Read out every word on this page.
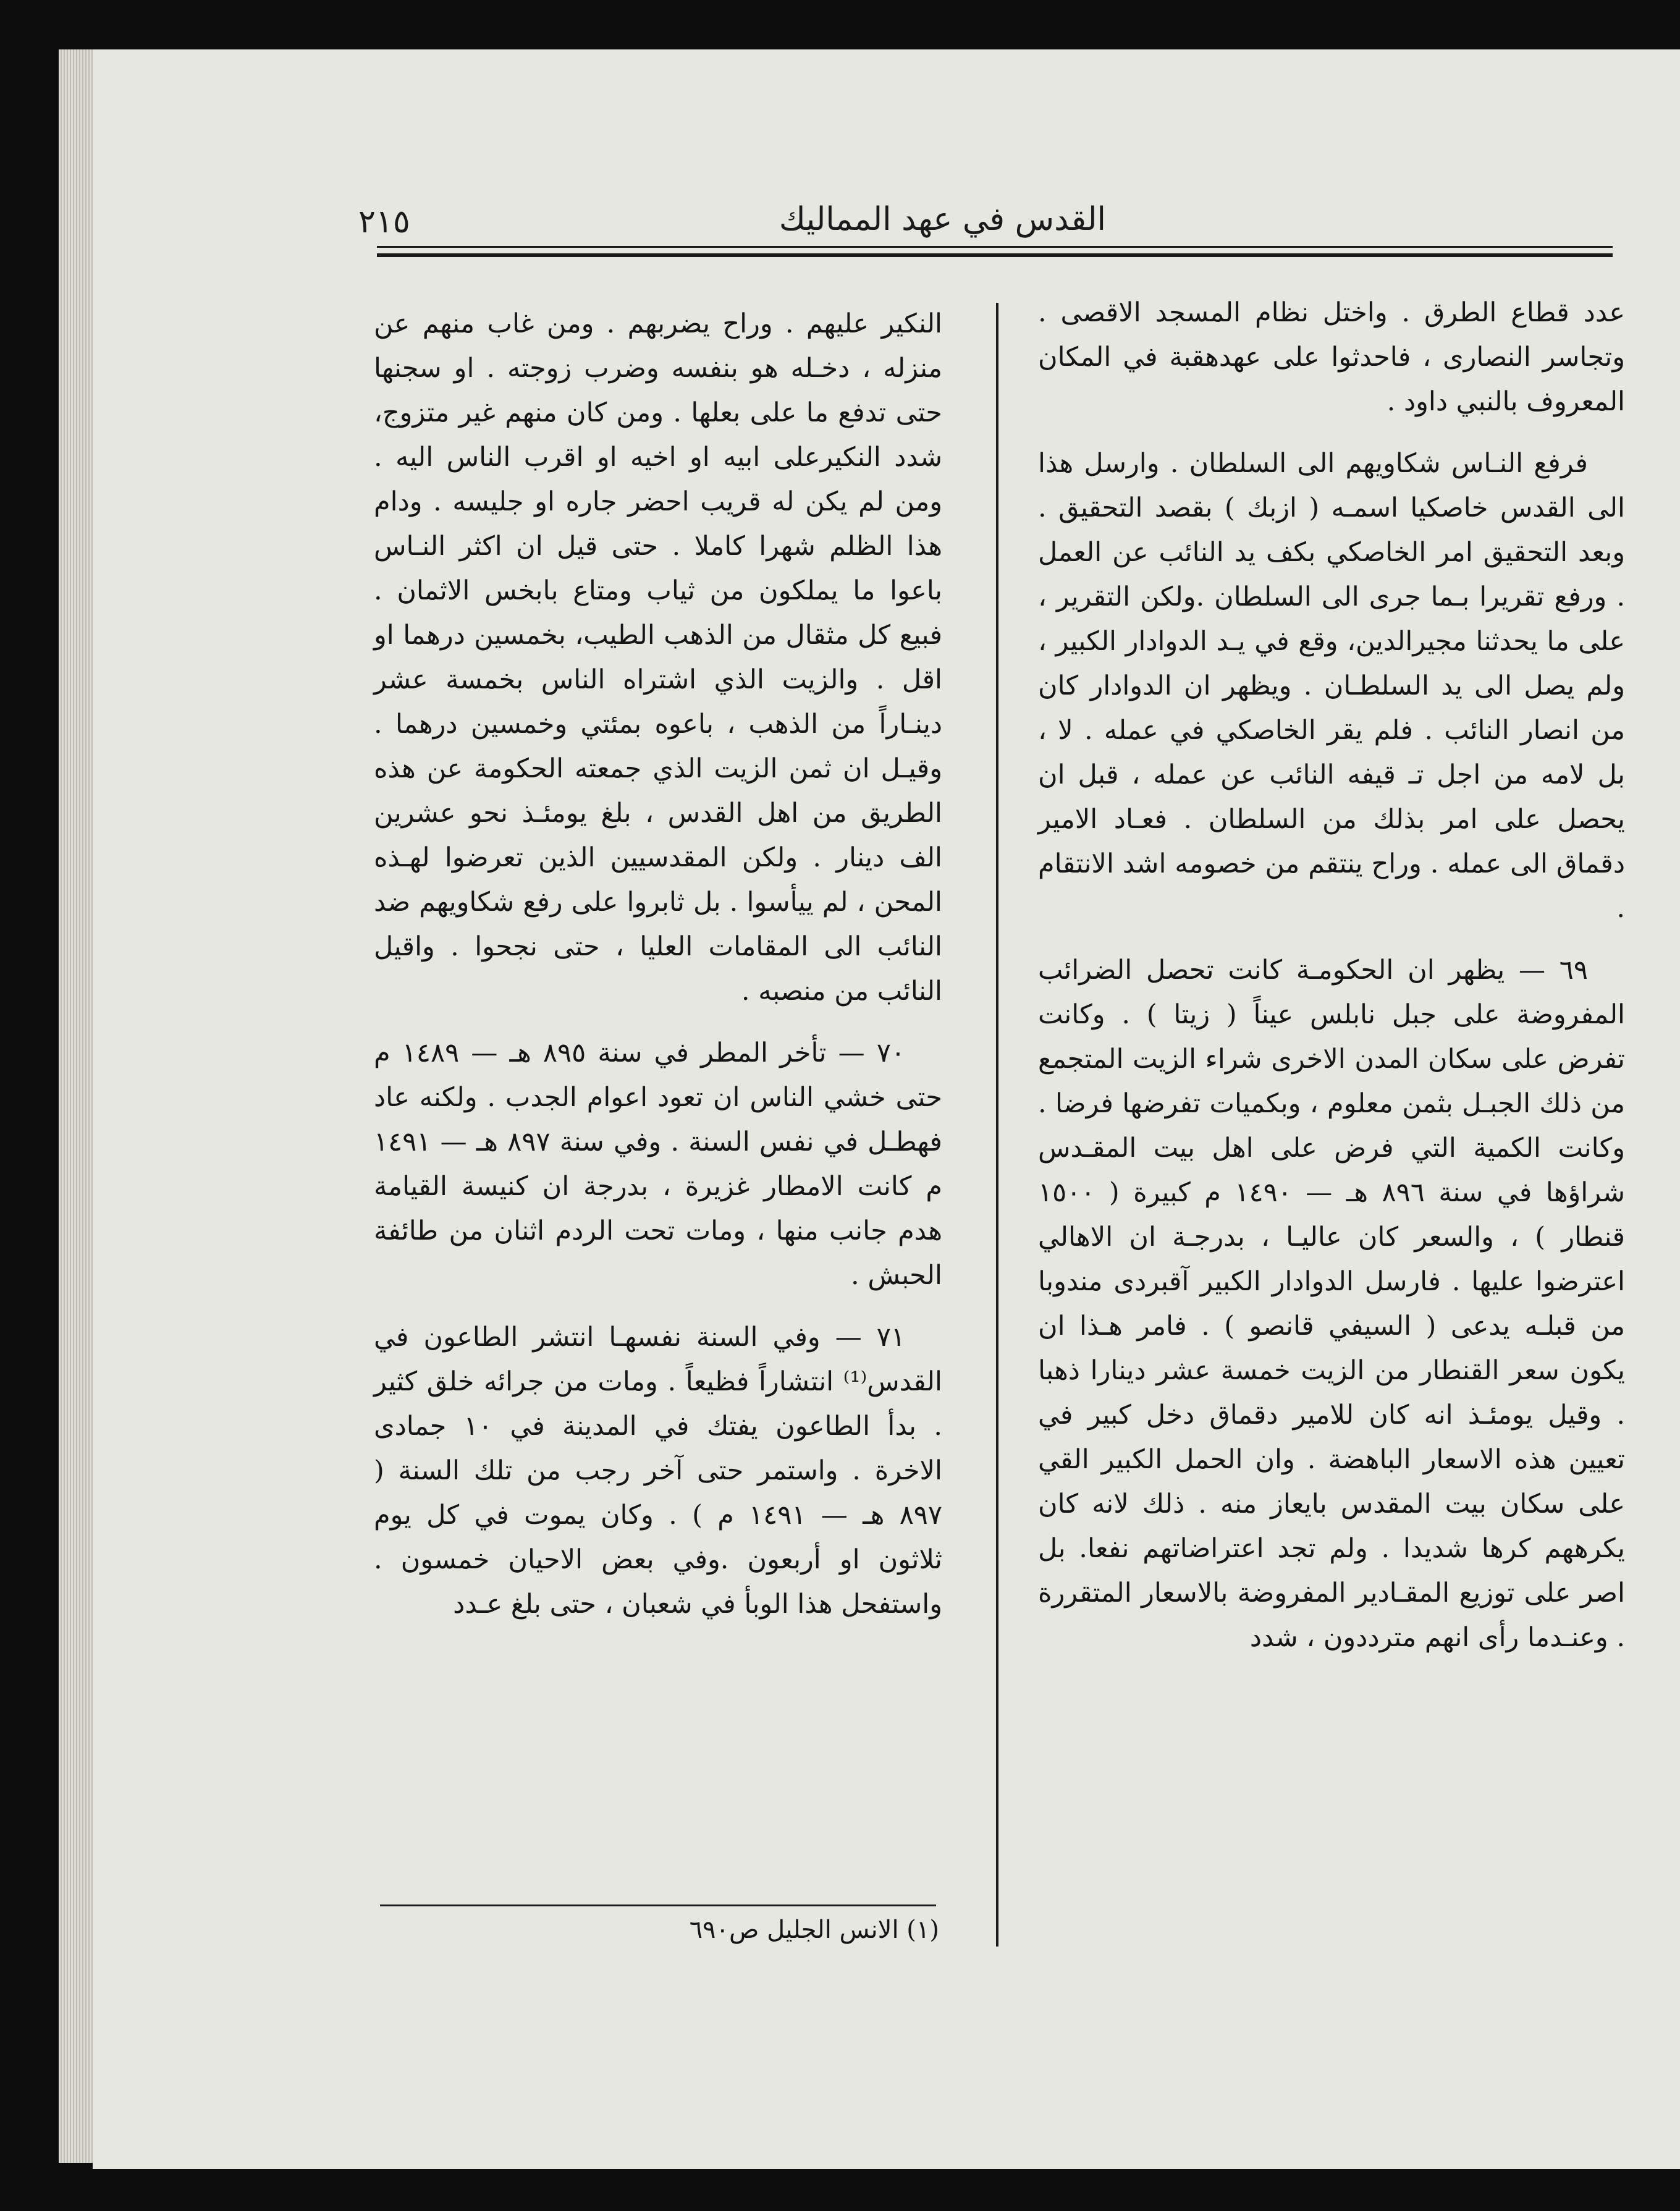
القدس في عهد المماليك
٢١٥

عدد قطاع الطرق . واختل نظام المسجد الاقصى . وتجاسر النصارى ، فاحدثوا على عهدهقبة في المكان المعروف بالنبي داود .

فرفع النـاس شكاويهم الى السلطان . وارسل هذا الى القدس خاصكيا اسمـه ( ازبك ) بقصد التحقيق . وبعد التحقيق امر الخاصكي بكف يد النائب عن العمل . ورفع تقريرا بـما جرى الى السلطان .ولكن التقرير ، على ما يحدثنا مجيرالدين، وقع في يـد الدوادار الكبير ، ولم يصل الى يد السلطـان . ويظهر ان الدوادار كان من انصار النائب . فلم يقر الخاصكي في عمله . لا ، بل لامه من اجل تـ قيفه النائب عن عمله ، قبل ان يحصل على امر بذلك من السلطان . فعـاد الامير دقماق الى عمله . وراح ينتقم من خصومه اشد الانتقام .

٦٩ — يظهر ان الحكومـة كانت تحصل الضرائب المفروضة على جبل نابلس عيناً ( زيتا ) . وكانت تفرض على سكان المدن الاخرى شراء الزيت المتجمع من ذلك الجبـل بثمن معلوم ، وبكميات تفرضها فرضا . وكانت الكمية التي فرض على اهل بيت المقـدس شراؤها في سنة ٨٩٦ هـ — ١٤٩٠ م كبيرة ( ١٥٠٠ قنطار ) ، والسعر كان عاليـا ، بدرجـة ان الاهالي اعترضوا عليها . فارسل الدوادار الكبير آقبردى مندوبا من قبلـه يدعى ( السيفي قانصو ) . فامر هـذا ان يكون سعر القنطار من الزيت خمسة عشر دينارا ذهبا . وقيل يومئـذ انه كان للامير دقماق دخل كبير في تعيين هذه الاسعار الباهضة . وان الحمل الكبير القي على سكان بيت المقدس بايعاز منه . ذلك لانه كان يكرههم كرها شديدا . ولم تجد اعتراضاتهم نفعا. بل اصر على توزيع المقـادير المفروضة بالاسعار المتقررة . وعنـدما رأى انهم مترددون ، شدد

النكير عليهم . وراح يضربهم . ومن غاب منهم عن منزله ، دخـله هو بنفسه وضرب زوجته . او سجنها حتى تدفع ما على بعلها . ومن كان منهم غير متزوج، شدد النكيرعلى ابيه او اخيه او اقرب الناس اليه . ومن لم يكن له قريب احضر جاره او جليسه . ودام هذا الظلم شهرا كاملا . حتى قيل ان اكثر النـاس باعوا ما يملكون من ثياب ومتاع بابخس الاثمان . فبيع كل مثقال من الذهب الطيب، بخمسين درهما او اقل . والزيت الذي اشتراه الناس بخمسة عشر دينـاراً من الذهب ، باعوه بمئتي وخمسين درهما . وقيـل ان ثمن الزيت الذي جمعته الحكومة عن هذه الطريق من اهل القدس ، بلغ يومئـذ نحو عشرين الف دينار . ولكن المقدسيين الذين تعرضوا لهـذه المحن ، لم ييأسوا . بل ثابروا على رفع شكاويهم ضد النائب الى المقامات العليا ، حتى نجحوا . واقيل النائب من منصبه .

٧٠ — تأخر المطر في سنة ٨٩٥ هـ — ١٤٨٩ م حتى خشي الناس ان تعود اعوام الجدب . ولكنه عاد فهطـل في نفس السنة . وفي سنة ٨٩٧ هـ — ١٤٩١ م كانت الامطار غزيرة ، بدرجة ان كنيسة القيامة هدم جانب منها ، ومات تحت الردم اثنان من طائفة الحبش .

٧١ — وفي السنة نفسهـا انتشر الطاعون في القدس⁽¹⁾ انتشاراً فظيعاً . ومات من جرائه خلق كثير . بدأ الطاعون يفتك في المدينة في ١٠ جمادى الاخرة . واستمر حتى آخر رجب من تلك السنة ( ٨٩٧ هـ — ١٤٩١ م ) . وكان يموت في كل يوم ثلاثون او أربعون .وفي بعض الاحيان خمسون . واستفحل هذا الوبأ في شعبان ، حتى بلغ عـدد

(١) الانس الجليل ص٦٩٠
